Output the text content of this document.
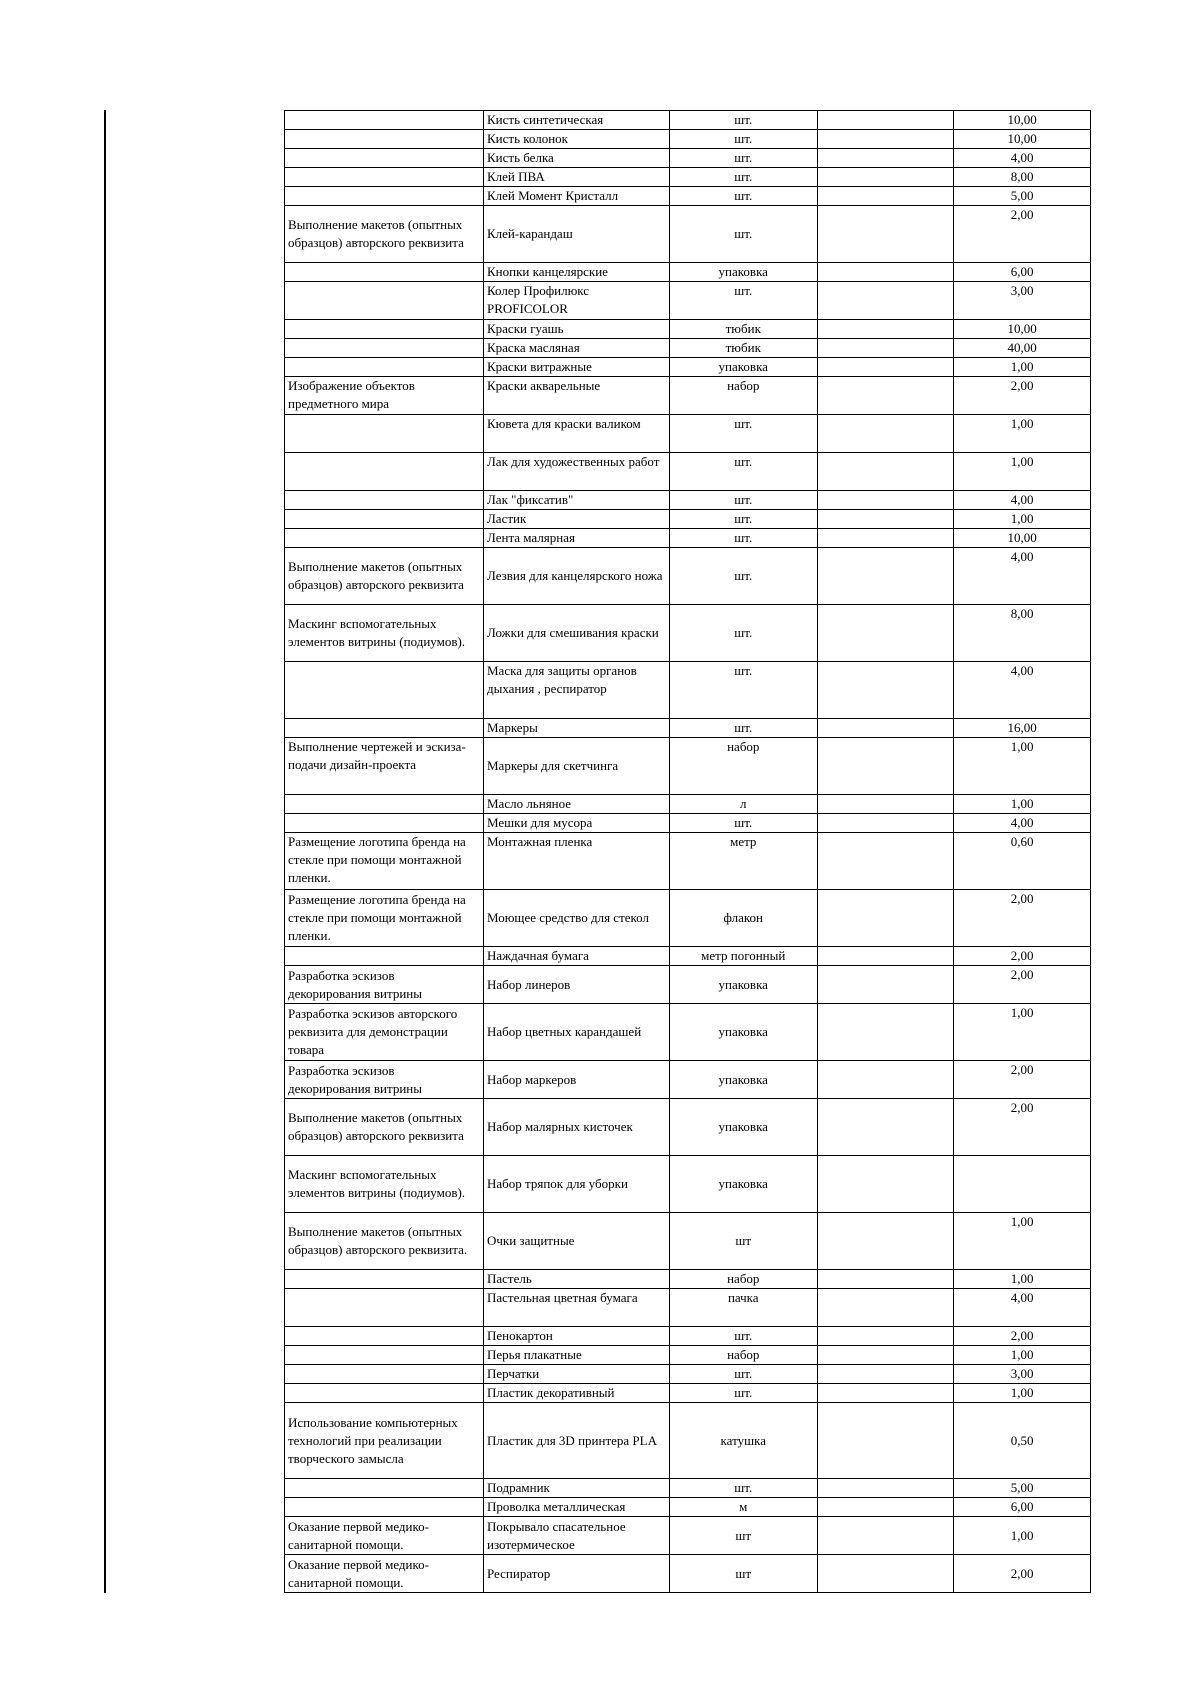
	Кисть синтетическая	шт.		10,00
	Кисть колонок	шт.		10,00
	Кисть белка	шт.		4,00
	Клей ПВА	шт.		8,00
	Клей Момент Кристалл	шт.		5,00
Выполнение макетов (опытных образцов) авторского реквизита	Клей-карандаш	шт.		2,00
	Кнопки канцелярские	упаковка		6,00
	Колер Профилюкс PROFICOLOR	шт.		3,00
	Краски гуашь	тюбик		10,00
	Краска масляная	тюбик		40,00
	Краски витражные	упаковка		1,00
Изображение объектов предметного мира	Краски акварельные	набор		2,00
	Кювета для краски валиком	шт.		1,00
	Лак для художественных работ	шт.		1,00
	Лак "фиксатив"	шт.		4,00
	Ластик	шт.		1,00
	Лента малярная	шт.		10,00
Выполнение макетов (опытных образцов) авторского реквизита	Лезвия для канцелярского ножа	шт.		4,00
Маскинг вспомогательных элементов витрины (подиумов).	Ложки для смешивания краски	шт.		8,00
	Маска для защиты органов дыхания , респиратор	шт.		4,00
	Маркеры	шт.		16,00
Выполнение чертежей и эскиза-подачи дизайн-проекта	Маркеры для скетчинга	набор		1,00
	Масло льняное	л		1,00
	Мешки для мусора	шт.		4,00
Размещение логотипа бренда на стекле при помощи монтажной пленки.	Монтажная пленка	метр		0,60
Размещение логотипа бренда на стекле при помощи монтажной пленки.	Моющее средство для стекол	флакон		2,00
	Наждачная бумага	метр погонный		2,00
Разработка эскизов декорирования витрины	Набор линеров	упаковка		2,00
Разработка эскизов авторского реквизита для демонстрации товара	Набор цветных карандашей	упаковка		1,00
Разработка эскизов декорирования витрины	Набор маркеров	упаковка		2,00
Выполнение макетов (опытных образцов) авторского реквизита	Набор малярных кисточек	упаковка		2,00
Маскинг вспомогательных элементов витрины (подиумов).	Набор тряпок для уборки	упаковка		
Выполнение макетов (опытных образцов) авторского реквизита.	Очки защитные	шт		1,00
	Пастель	набор		1,00
	Пастельная цветная бумага	пачка		4,00
	Пенокартон	шт.		2,00
	Перья плакатные	набор		1,00
	Перчатки	шт.		3,00
	Пластик декоративный	шт.		1,00
Использование компьютерных технологий при реализации творческого замысла	Пластик для 3D принтера PLA	катушка		0,50
	Подрамник	шт.		5,00
	Проволка металлическая	м		6,00
Оказание первой медико-санитарной помощи.	Покрывало спасательное изотермическое	шт		1,00
Оказание первой медико-санитарной помощи.	Респиратор	шт		2,00
